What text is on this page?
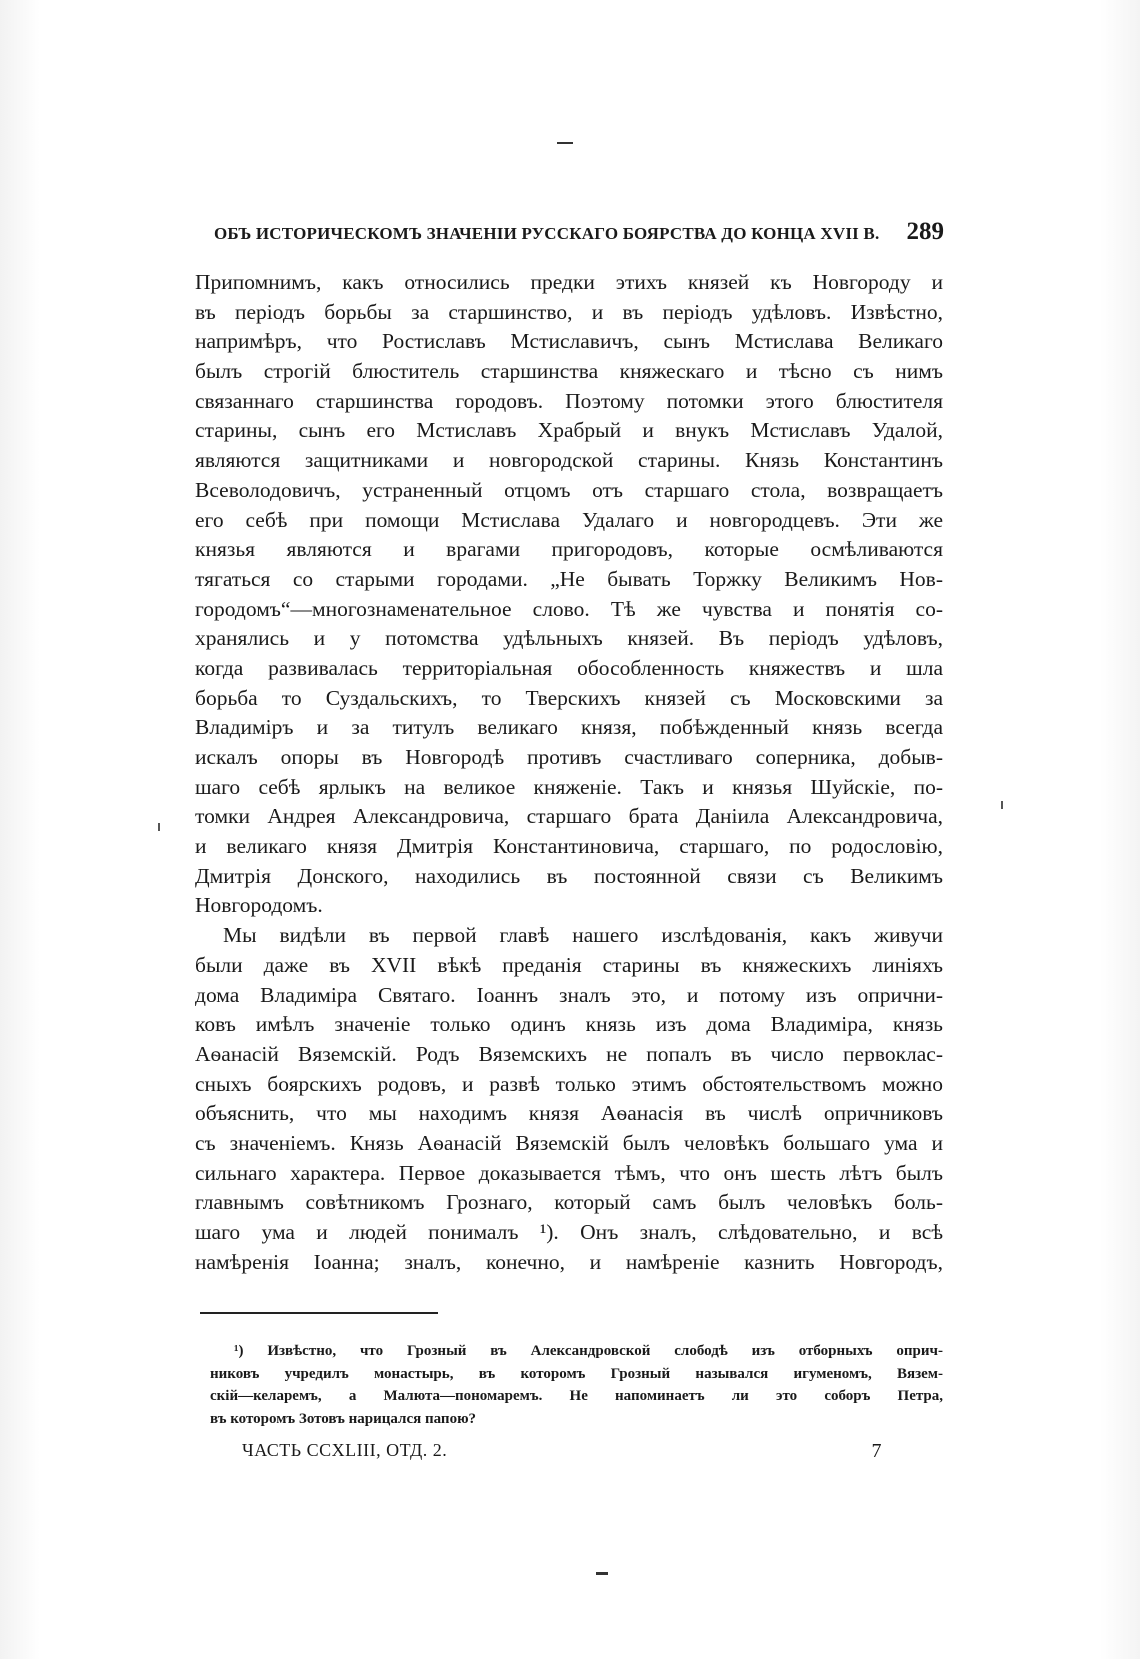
ОБЪ ИСТОРИЧЕСКОМЪ ЗНАЧЕНІИ РУССКАГО БОЯРСТВА ДО КОНЦА XVII В. 289
Припомнимъ, какъ относились предки этихъ князей къ Новгороду и
въ періодъ борьбы за старшинство, и въ періодъ удѣловъ. Извѣстно,
напримѣръ, что Ростиславъ Мстиславичъ, сынъ Мстислава Великаго
былъ строгій блюститель старшинства княжескаго и тѣсно съ нимъ
связаннаго старшинства городовъ. Поэтому потомки этого блюстителя
старины, сынъ его Мстиславъ Храбрый и внукъ Мстиславъ Удалой,
являются защитниками и новгородской старины. Князь Константинъ
Всеволодовичъ, устраненный отцомъ отъ старшаго стола, возвращаетъ
его себѣ при помощи Мстислава Удалаго и новгородцевъ. Эти же
князья являются и врагами пригородовъ, которые осмѣливаются
тягаться со старыми городами. „Не бывать Торжку Великимъ Нов-
городомъ“—многознаменательное слово. Тѣ же чувства и понятія со-
хранялись и у потомства удѣльныхъ князей. Въ періодъ удѣловъ,
когда развивалась территоріальная обособленность княжествъ и шла
борьба то Суздальскихъ, то Тверскихъ князей съ Московскими за
Владиміръ и за титулъ великаго князя, побѣжденный князь всегда
искалъ опоры въ Новгородѣ противъ счастливаго соперника, добыв-
шаго себѣ ярлыкъ на великое княженіе. Такъ и князья Шуйскіе, по-
томки Андрея Александровича, старшаго брата Даніила Александровича,
и великаго князя Дмитрія Константиновича, старшаго, по родословію,
Дмитрія Донского, находились въ постоянной связи съ Великимъ
Новгородомъ.
Мы видѣли въ первой главѣ нашего изслѣдованія, какъ живучи
были даже въ XVII вѣкѣ преданія старины въ княжескихъ линіяхъ
дома Владиміра Святаго. Іоаннъ зналъ это, и потому изъ опрични-
ковъ имѣлъ значеніе только одинъ князь изъ дома Владиміра, князь
Аѳанасій Вяземскій. Родъ Вяземскихъ не попалъ въ число первоклас-
сныхъ боярскихъ родовъ, и развѣ только этимъ обстоятельствомъ можно
объяснить, что мы находимъ князя Аѳанасія въ числѣ опричниковъ
съ значеніемъ. Князь Аѳанасій Вяземскій былъ человѣкъ большаго ума и
сильнаго характера. Первое доказывается тѣмъ, что онъ шесть лѣтъ былъ
главнымъ совѣтникомъ Грознаго, который самъ былъ человѣкъ боль-
шаго ума и людей понималъ ¹). Онъ зналъ, слѣдовательно, и всѣ
намѣренія Іоанна; зналъ, конечно, и намѣреніе казнить Новгородъ,
¹) Извѣстно, что Грозный въ Александровской слободѣ изъ отборныхъ оприч-
никовъ учредилъ монастырь, въ которомъ Грозный назывался игуменомъ, Вязем-
скій—келаремъ, а Малюта—пономаремъ. Не напоминаетъ ли это соборъ Петра,
въ которомъ Зотовъ нарицался папою?
ЧАСТЬ CCXLIII, ОТД. 2.	7
